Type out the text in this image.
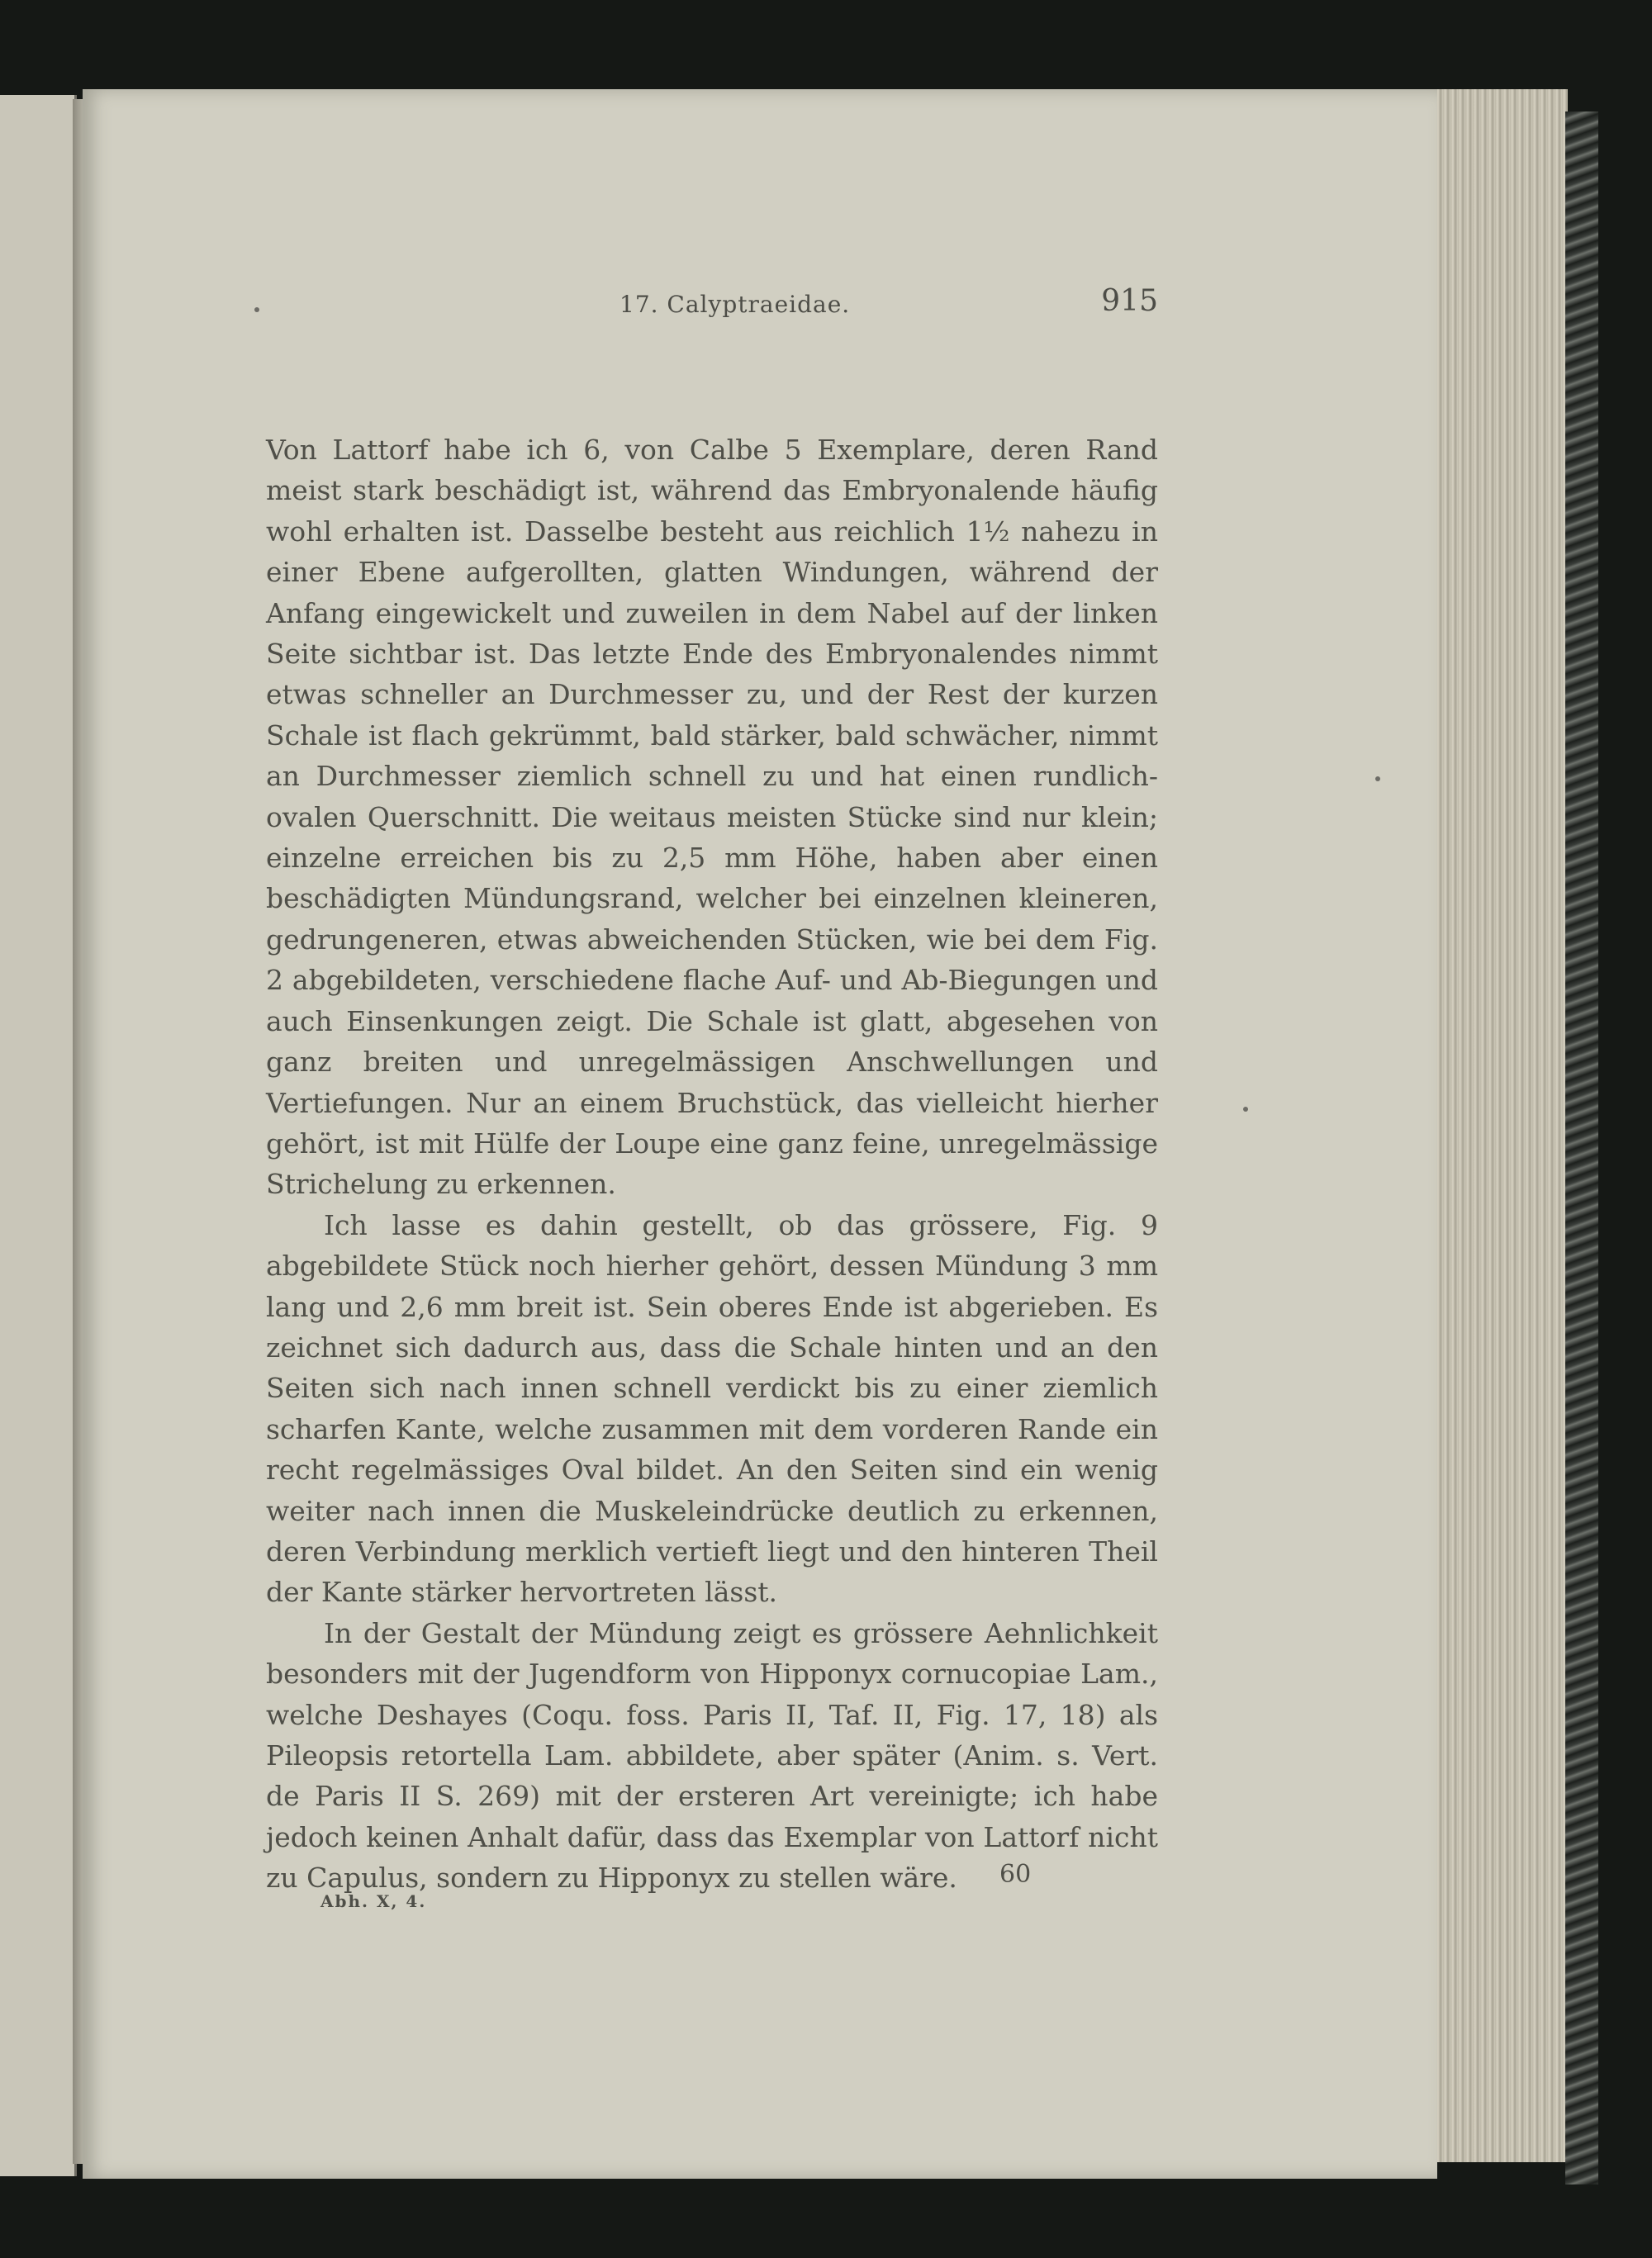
17. Calyptraeidae.	915

Von Lattorf habe ich 6, von Calbe 5 Exemplare, deren Rand meist stark beschädigt ist, während das Embryonalende häufig wohl erhalten ist. Dasselbe besteht aus reichlich 1½ nahezu in einer Ebene aufgerollten, glatten Windungen, während der Anfang eingewickelt und zuweilen in dem Nabel auf der linken Seite sichtbar ist. Das letzte Ende des Embryonalendes nimmt etwas schneller an Durchmesser zu, und der Rest der kurzen Schale ist flach gekrümmt, bald stärker, bald schwächer, nimmt an Durchmesser ziemlich schnell zu und hat einen rundlich-ovalen Querschnitt. Die weitaus meisten Stücke sind nur klein; einzelne erreichen bis zu 2,5 mm Höhe, haben aber einen beschädigten Mündungsrand, welcher bei einzelnen kleineren, gedrungeneren, etwas abweichenden Stücken, wie bei dem Fig. 2 abgebildeten, verschiedene flache Auf- und Ab-Biegungen und auch Einsenkungen zeigt. Die Schale ist glatt, abgesehen von ganz breiten und unregelmässigen Anschwellungen und Vertiefungen. Nur an einem Bruchstück, das vielleicht hierher gehört, ist mit Hülfe der Loupe eine ganz feine, unregelmässige Strichelung zu erkennen.

Ich lasse es dahin gestellt, ob das grössere, Fig. 9 abgebildete Stück noch hierher gehört, dessen Mündung 3 mm lang und 2,6 mm breit ist. Sein oberes Ende ist abgerieben. Es zeichnet sich dadurch aus, dass die Schale hinten und an den Seiten sich nach innen schnell verdickt bis zu einer ziemlich scharfen Kante, welche zusammen mit dem vorderen Rande ein recht regelmässiges Oval bildet. An den Seiten sind ein wenig weiter nach innen die Muskeleindrücke deutlich zu erkennen, deren Verbindung merklich vertieft liegt und den hinteren Theil der Kante stärker hervortreten lässt.

In der Gestalt der Mündung zeigt es grössere Aehnlichkeit besonders mit der Jugendform von Hipponyx cornucopiae Lam., welche Deshayes (Coqu. foss. Paris II, Taf. II, Fig. 17, 18) als Pileopsis retortella Lam. abbildete, aber später (Anim. s. Vert. de Paris II S. 269) mit der ersteren Art vereinigte; ich habe jedoch keinen Anhalt dafür, dass das Exemplar von Lattorf nicht zu Capulus, sondern zu Hipponyx zu stellen wäre.	60
Abh. X, 4.
